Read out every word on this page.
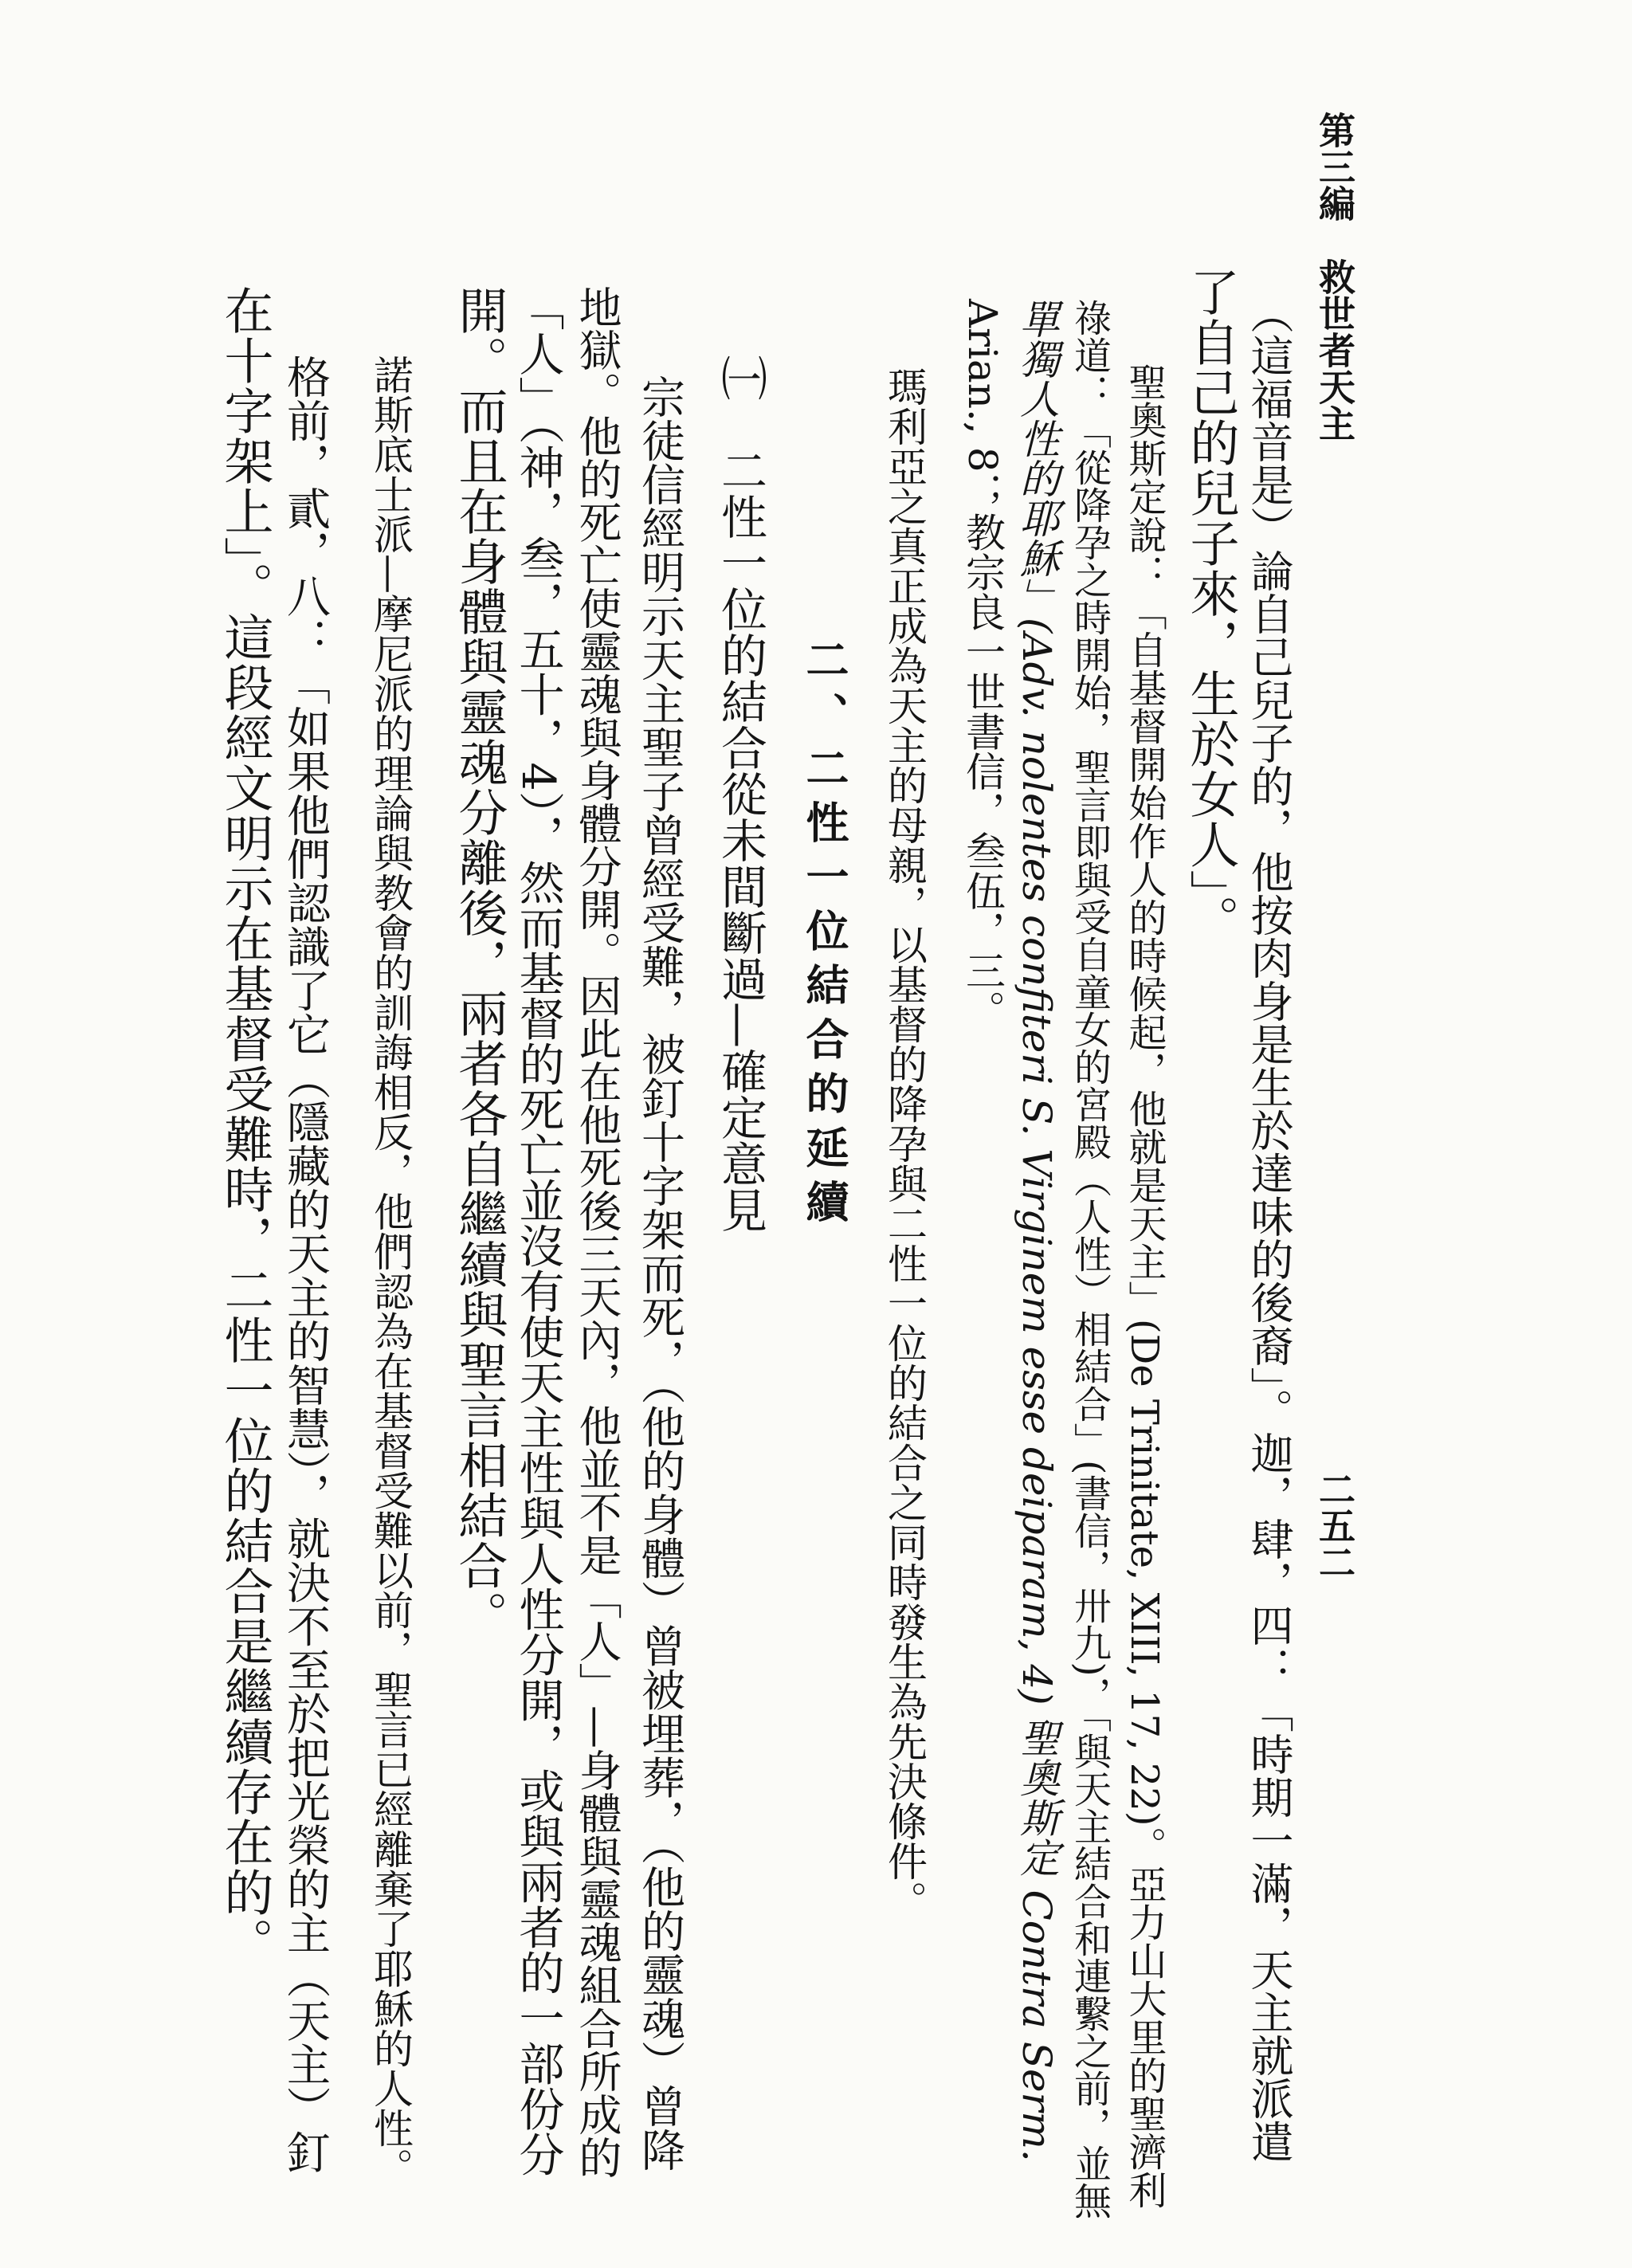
第三編　救世者天主
二五二
（這福音是）論自己兒子的，他按肉身是生於達味的後裔」。迦，肆，四：「時期一滿，天主就派遣
了自己的兒子來，生於女人」。
聖奧斯定說：「自基督開始作人的時候起，他就是天主」(De Trinitate, XIII, 17, 22)。亞力山大里的聖濟利
祿道：「從降孕之時開始，聖言即與受自童女的宮殿（人性）相結合」(書信，卅九)，「與天主結合和連繫之前，並無
單獨人性的耶穌」(Adv. nolentes confiteri S. Virginem esse deiparam, 4) 聖奧斯定 Contra Serm.
Arian., 8；教宗良一世書信，叁伍，三。
瑪利亞之真正成為天主的母親，以基督的降孕與二性一位的結合之同時發生為先決條件。
二、二性一位結合的延續
㈠　二性一位的結合從未間斷過—確定意見
宗徒信經明示天主聖子曾經受難，被釘十字架而死，（他的身體）曾被埋葬，（他的靈魂）曾降
地獄。他的死亡使靈魂與身體分開。因此在他死後三天內，他並不是「人」—身體與靈魂組合所成的
「人」（神，叁，五十，4），然而基督的死亡並沒有使天主性與人性分開，或與兩者的一部份分
開。而且在身體與靈魂分離後，兩者各自繼續與聖言相結合。
諾斯底士派—摩尼派的理論與教會的訓誨相反，他們認為在基督受難以前，聖言已經離棄了耶穌的人性。
格前，貳，八：「如果他們認識了它（隱藏的天主的智慧），就決不至於把光榮的主（天主）釘
在十字架上」。這段經文明示在基督受難時，二性一位的結合是繼續存在的。
